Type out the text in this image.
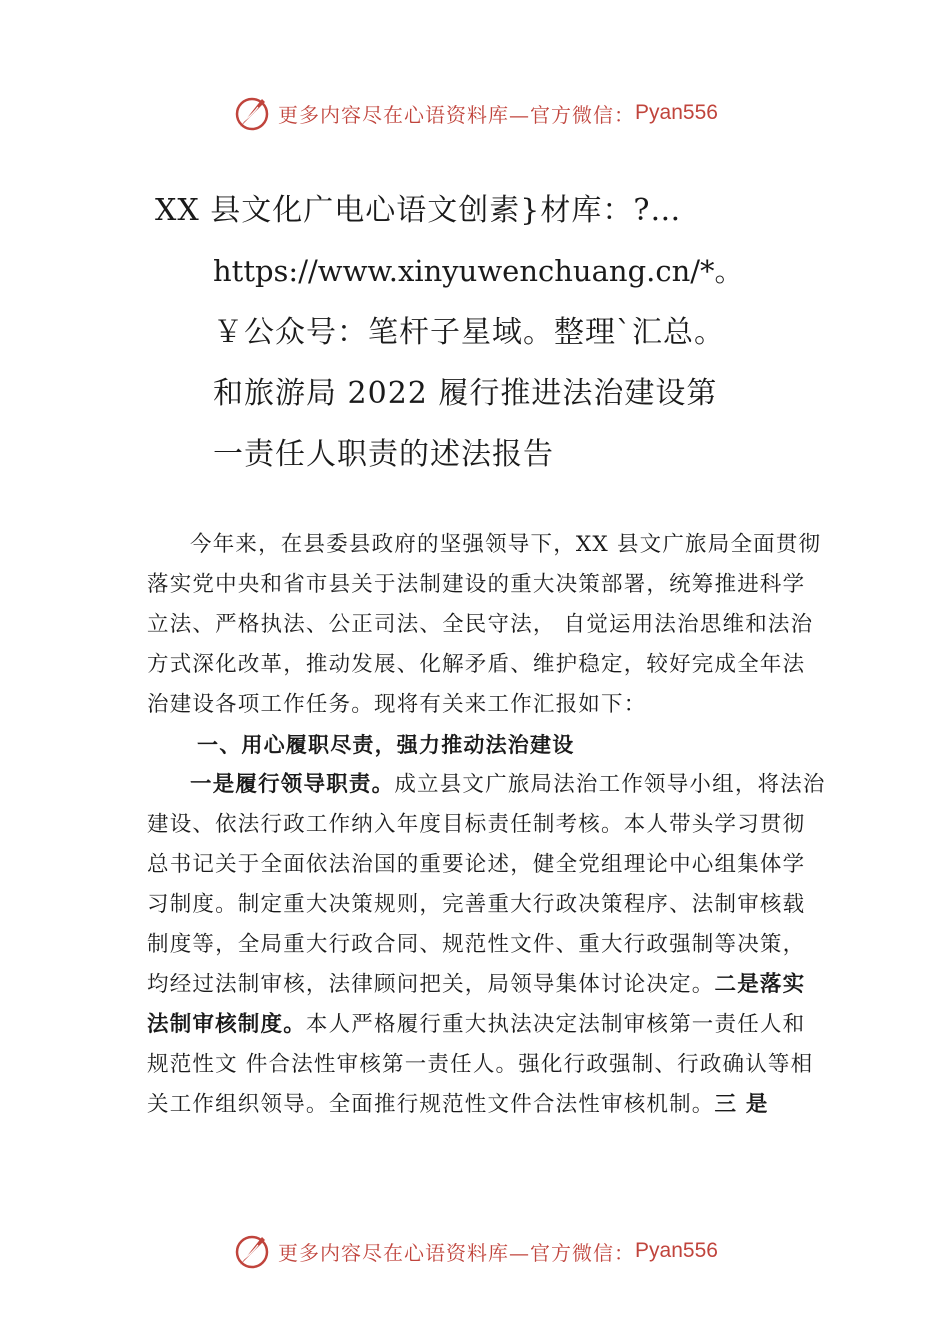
更多内容尽在心语资料库—官方微信： Pyan556
XX 县文化广电心语文创素}材库：?…
https://www.xinyuwenchuang.cn/*。
￥公众号：笔杆子星域。整理`汇总。
和旅游局 2022 履行推进法治建设第
一责任人职责的述法报告

今年来，在县委县政府的坚强领导下，XX 县文广旅局全面贯彻落实党中央和省市县关于法制建设的重大决策部署，统筹推进科学立法、严格执法、公正司法、全民守法， 自觉运用法治思维和法治方式深化改革，推动发展、化解矛盾、维护稳定，较好完成全年法治建设各项工作任务。现将有关来工作汇报如下：

一、用心履职尽责，强力推动法治建设

一是履行领导职责。成立县文广旅局法治工作领导小组，将法治建设、依法行政工作纳入年度目标责任制考核。本人带头学习贯彻总书记关于全面依法治国的重要论述，健全党组理论中心组集体学习制度。制定重大决策规则，完善重大行政决策程序、法制审核载制度等，全局重大行政合同、规范性文件、重大行政强制等决策，均经过法制审核，法律顾问把关，局领导集体讨论决定。二是落实法制审核制度。本人严格履行重大执法决定法制审核第一责任人和规范性文 件合法性审核第一责任人。强化行政强制、行政确认等相 关工作组织领导。全面推行规范性文件合法性审核机制。三 是

更多内容尽在心语资料库—官方微信： Pyan556
